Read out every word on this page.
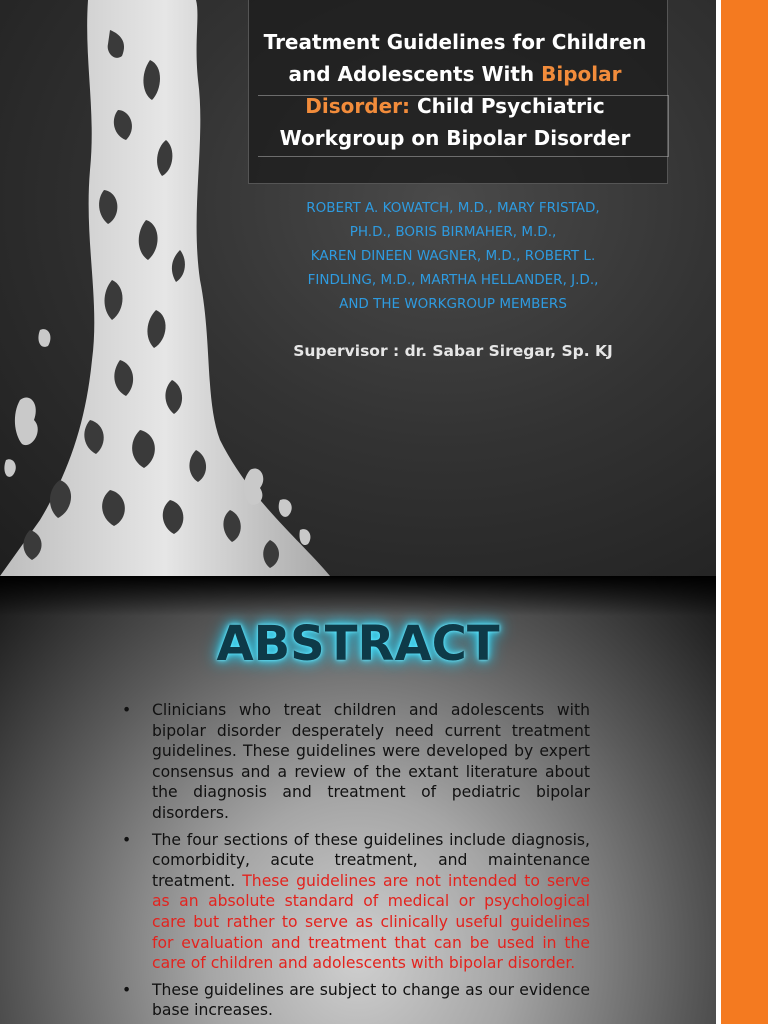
Treatment Guidelines for Children and Adolescents With Bipolar Disorder: Child Psychiatric Workgroup on Bipolar Disorder
ROBERT A. KOWATCH, M.D., MARY FRISTAD,
PH.D., BORIS BIRMAHER, M.D.,
KAREN DINEEN WAGNER, M.D., ROBERT L.
FINDLING, M.D., MARTHA HELLANDER, J.D.,
AND THE WORKGROUP MEMBERS
Supervisor : dr. Sabar Siregar, Sp. KJ
ABSTRACT
• Clinicians who treat children and adolescents with bipolar disorder desperately need current treatment guidelines. These guidelines were developed by expert consensus and a review of the extant literature about the diagnosis and treatment of pediatric bipolar disorders.
• The four sections of these guidelines include diagnosis, comorbidity, acute treatment, and maintenance treatment. These guidelines are not intended to serve as an absolute standard of medical or psychological care but rather to serve as clinically useful guidelines for evaluation and treatment that can be used in the care of children and adolescents with bipolar disorder.
• These guidelines are subject to change as our evidence base increases.
